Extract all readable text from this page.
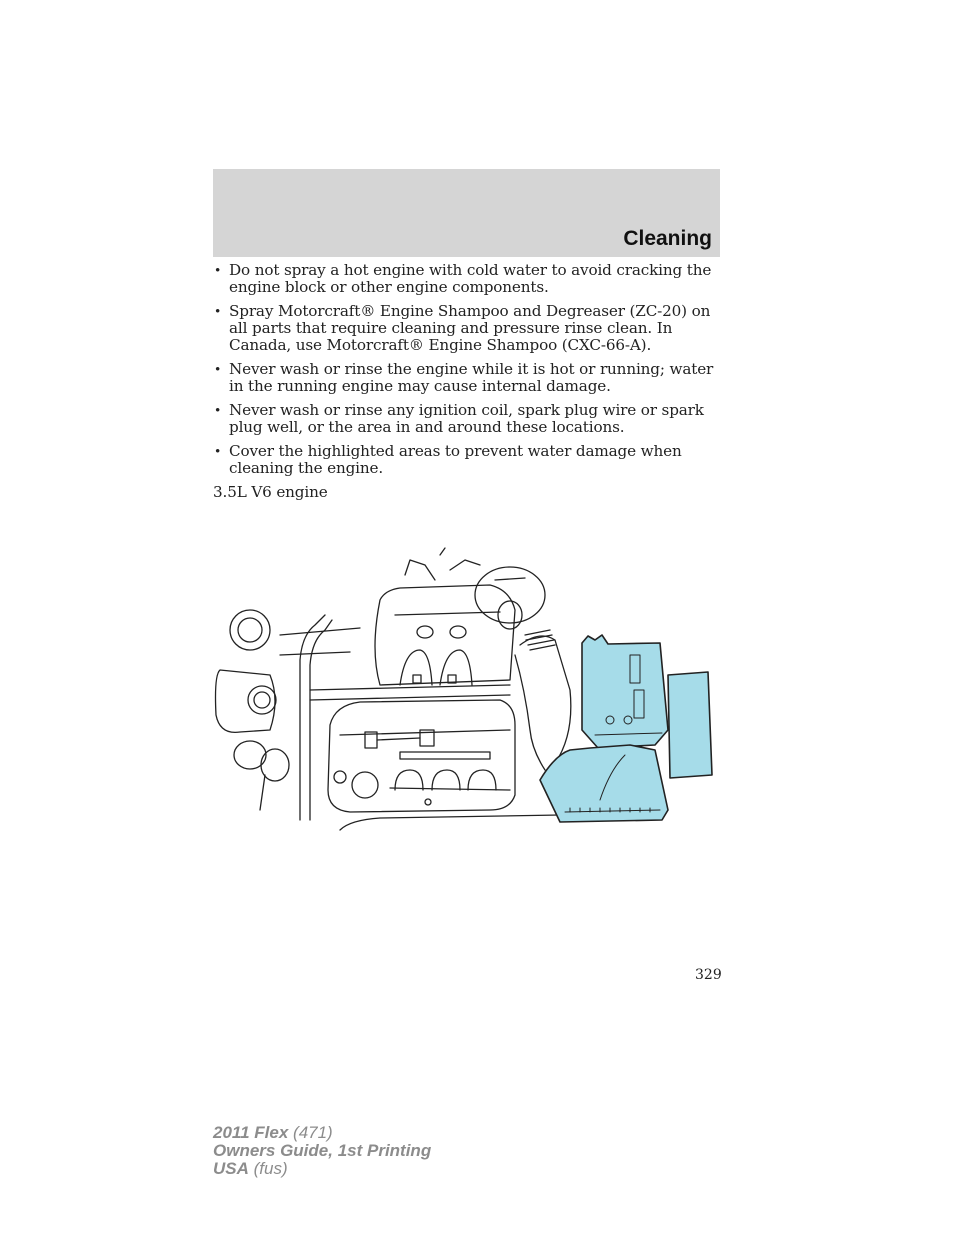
Cleaning
• Do not spray a hot engine with cold water to avoid cracking the engine block or other engine components.
• Spray Motorcraft® Engine Shampoo and Degreaser (ZC-20) on all parts that require cleaning and pressure rinse clean. In Canada, use Motorcraft® Engine Shampoo (CXC-66-A).
• Never wash or rinse the engine while it is hot or running; water in the running engine may cause internal damage.
• Never wash or rinse any ignition coil, spark plug wire or spark plug well, or the area in and around these locations.
• Cover the highlighted areas to prevent water damage when cleaning the engine.
3.5L V6 engine
329
2011 Flex (471)
Owners Guide, 1st Printing
USA (fus)
